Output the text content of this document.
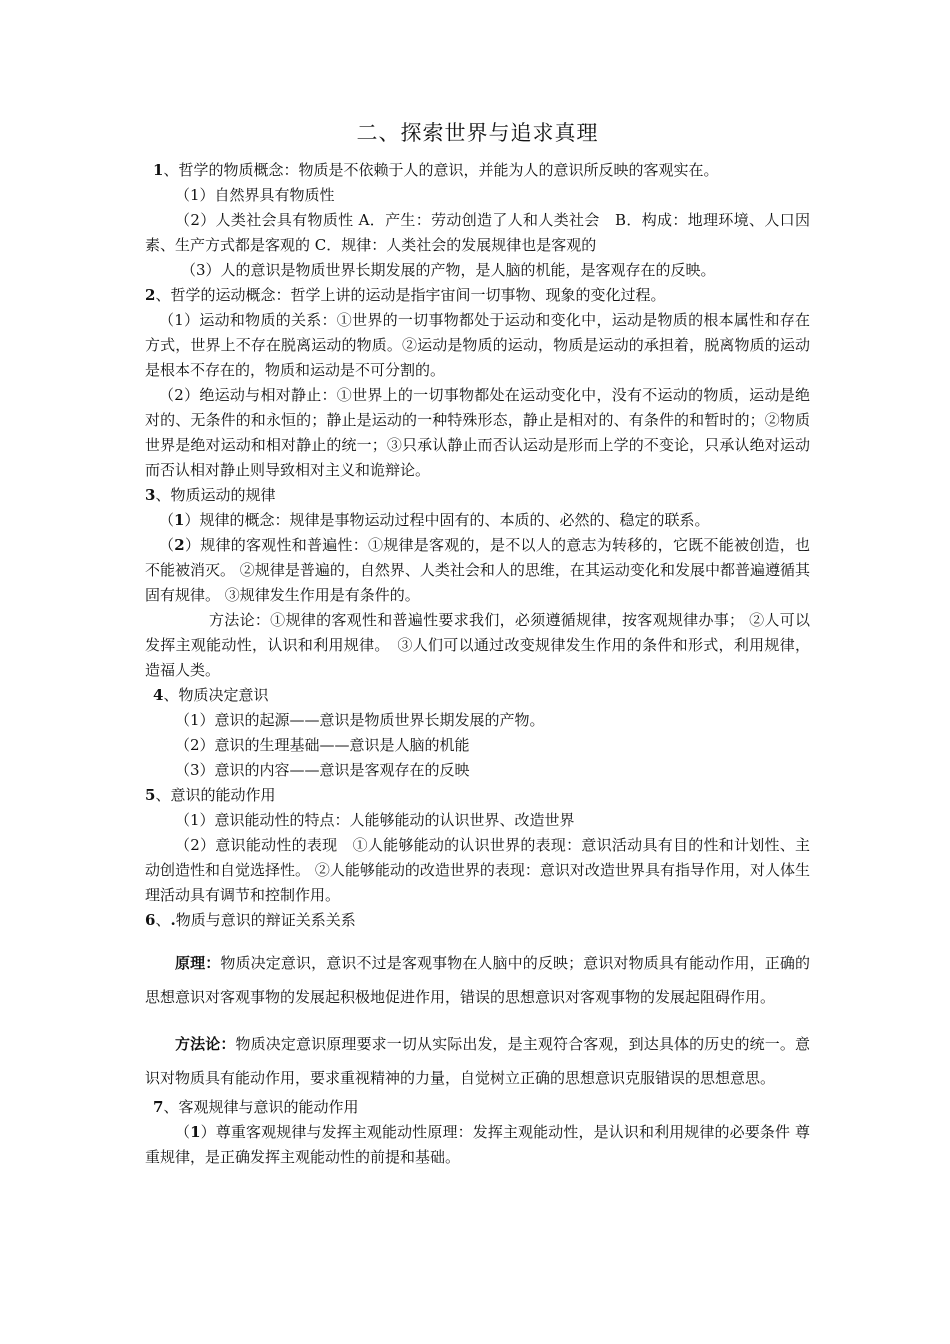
二、探索世界与追求真理

1、哲学的物质概念：物质是不依赖于人的意识，并能为人的意识所反映的客观实在。

（1）自然界具有物质性

（2）人类社会具有物质性 A．产生：劳动创造了人和人类社会　B．构成：地理环境、人口因素、生产方式都是客观的 C．规律：人类社会的发展规律也是客观的

（3）人的意识是物质世界长期发展的产物，是人脑的机能，是客观存在的反映。

2、哲学的运动概念：哲学上讲的运动是指宇宙间一切事物、现象的变化过程。

（1）运动和物质的关系：①世界的一切事物都处于运动和变化中，运动是物质的根本属性和存在方式，世界上不存在脱离运动的物质。②运动是物质的运动，物质是运动的承担着，脱离物质的运动是根本不存在的，物质和运动是不可分割的。

（2）绝运动与相对静止：①世界上的一切事物都处在运动变化中，没有不运动的物质，运动是绝对的、无条件的和永恒的；静止是运动的一种特殊形态，静止是相对的、有条件的和暂时的；②物质世界是绝对运动和相对静止的统一；③只承认静止而否认运动是形而上学的不变论，只承认绝对运动而否认相对静止则导致相对主义和诡辩论。

3、物质运动的规律

（1）规律的概念：规律是事物运动过程中固有的、本质的、必然的、稳定的联系。

（2）规律的客观性和普遍性：①规律是客观的，是不以人的意志为转移的，它既不能被创造，也不能被消灭。 ②规律是普遍的，自然界、人类社会和人的思维，在其运动变化和发展中都普遍遵循其固有规律。 ③规律发生作用是有条件的。

方法论：①规律的客观性和普遍性要求我们，必须遵循规律，按客观规律办事； ②人可以发挥主观能动性，认识和利用规律。　③人们可以通过改变规律发生作用的条件和形式，利用规律，造福人类。

4、物质决定意识

（1）意识的起源——意识是物质世界长期发展的产物。

（2）意识的生理基础——意识是人脑的机能

（3）意识的内容——意识是客观存在的反映

5、意识的能动作用

（1）意识能动性的特点：人能够能动的认识世界、改造世界

（2）意识能动性的表现　①人能够能动的认识世界的表现：意识活动具有目的性和计划性、主动创造性和自觉选择性。 ②人能够能动的改造世界的表现：意识对改造世界具有指导作用，对人体生理活动具有调节和控制作用。

6、.物质与意识的辩证关系关系

原理：物质决定意识，意识不过是客观事物在人脑中的反映；意识对物质具有能动作用，正确的思想意识对客观事物的发展起积极地促进作用，错误的思想意识对客观事物的发展起阻碍作用。

方法论：物质决定意识原理要求一切从实际出发，是主观符合客观，到达具体的历史的统一。意识对物质具有能动作用，要求重视精神的力量，自觉树立正确的思想意识克服错误的思想意思。

7、客观规律与意识的能动作用

（1）尊重客观规律与发挥主观能动性原理：发挥主观能动性，是认识和利用规律的必要条件 尊重规律，是正确发挥主观能动性的前提和基础。
